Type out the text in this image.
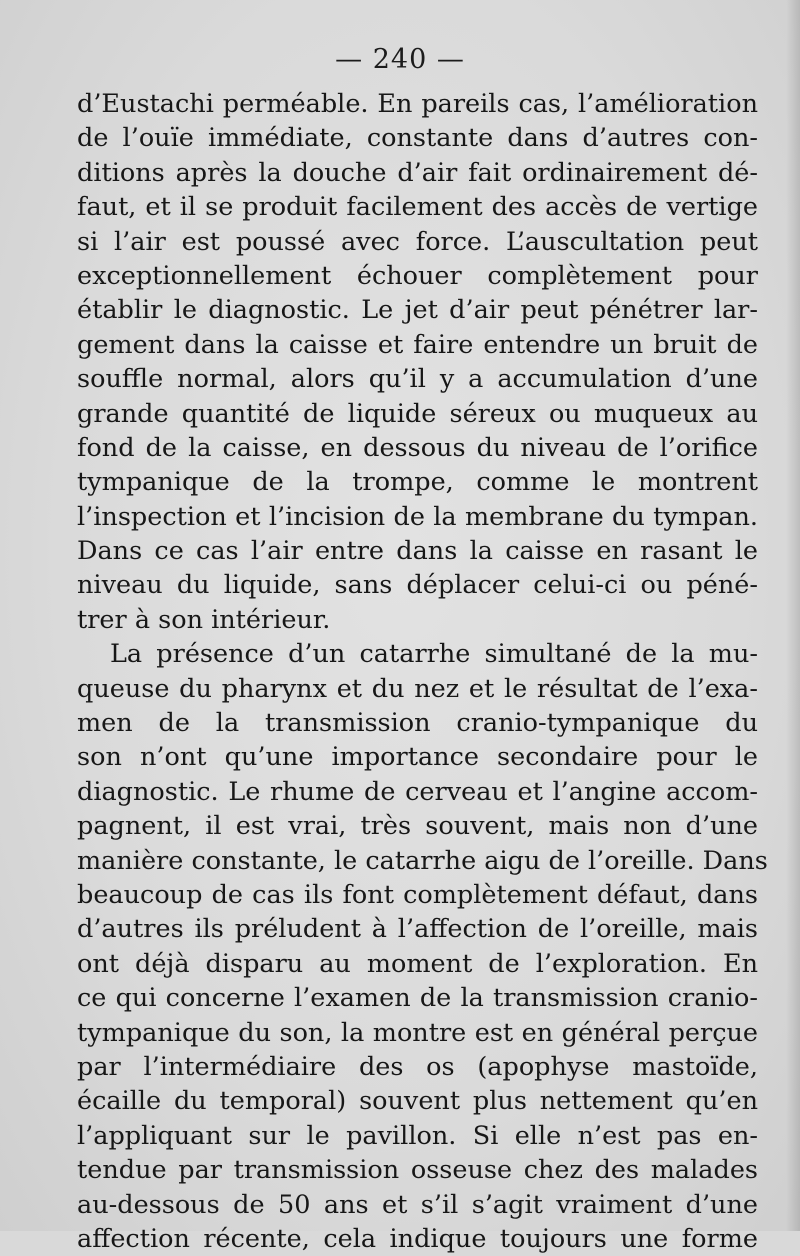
— 240 —
d’Eustachi perméable. En pareils cas, l’amélioration
de l’ouïe immédiate, constante dans d’autres con-
ditions après la douche d’air fait ordinairement dé-
faut, et il se produit facilement des accès de vertige
si l’air est poussé avec force. L’auscultation peut
exceptionnellement échouer complètement pour
établir le diagnostic. Le jet d’air peut pénétrer lar-
gement dans la caisse et faire entendre un bruit de
souffle normal, alors qu’il y a accumulation d’une
grande quantité de liquide séreux ou muqueux au
fond de la caisse, en dessous du niveau de l’orifice
tympanique de la trompe, comme le montrent
l’inspection et l’incision de la membrane du tympan.
Dans ce cas l’air entre dans la caisse en rasant le
niveau du liquide, sans déplacer celui-ci ou péné-
trer à son intérieur.
La présence d’un catarrhe simultané de la mu-
queuse du pharynx et du nez et le résultat de l’exa-
men de la transmission cranio-tympanique du
son n’ont qu’une importance secondaire pour le
diagnostic. Le rhume de cerveau et l’angine accom-
pagnent, il est vrai, très souvent, mais non d’une
manière constante, le catarrhe aigu de l’oreille. Dans
beaucoup de cas ils font complètement défaut, dans
d’autres ils préludent à l’affection de l’oreille, mais
ont déjà disparu au moment de l’exploration. En
ce qui concerne l’examen de la transmission cranio-
tympanique du son, la montre est en général perçue
par l’intermédiaire des os (apophyse mastoïde,
écaille du temporal) souvent plus nettement qu’en
l’appliquant sur le pavillon. Si elle n’est pas en-
tendue par transmission osseuse chez des malades
au-dessous de 50 ans et s’il s’agit vraiment d’une
affection récente, cela indique toujours une forme
